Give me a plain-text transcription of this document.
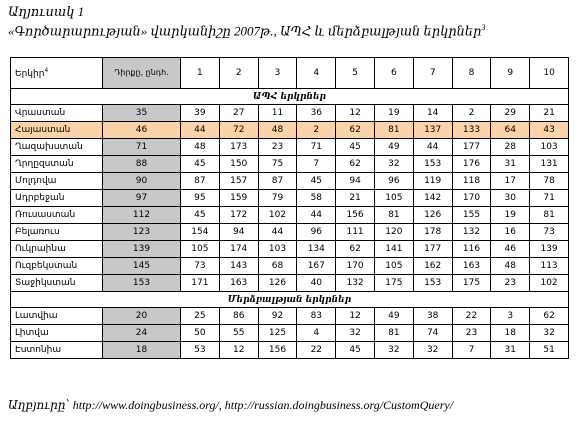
Աղյուսակ 1
«Գործարարության» վարկանիշը 2007թ., ԱՊՀ և մերձբալթյան երկրներ$^3$
Երկիր$^4$	Դիրքը, ընդհ.	1	2	3	4	5	6	7	8	9	10
ԱՊՀ երկրներ											
Վրաստան	35	39	27	11	36	12	19	14	2	29	21
Հայաստան	46	44	72	48	2	62	81	137	133	64	43
Ղազախստան	71	48	173	23	71	45	49	44	177	28	103
Ղրղըզստան	88	45	150	75	7	62	32	153	176	31	131
Մոլդովա	90	87	157	87	45	94	96	119	118	17	78
Ադրբեջան	97	95	159	79	58	21	105	142	170	30	71
Ռուսաստան	112	45	172	102	44	156	81	126	155	19	81
Բելառուս	123	154	94	44	96	111	120	178	132	16	73
Ուկրաինա	139	105	174	103	134	62	141	177	116	46	139
Ուզբեկստան	145	73	143	68	167	170	105	162	163	48	113
Տաջիկստան	153	171	163	126	40	132	175	153	175	23	102
Մերձբալթյան երկրներ											
Լատվիա	20	25	86	92	83	12	49	38	22	3	62
Լիտվա	24	50	55	125	4	32	81	74	23	18	32
Էստոնիա	18	53	12	156	22	45	32	32	7	31	51
Աղբյուրը՝ http://www.doingbusiness.org/, http://russian.doingbusiness.org/CustomQuery/
